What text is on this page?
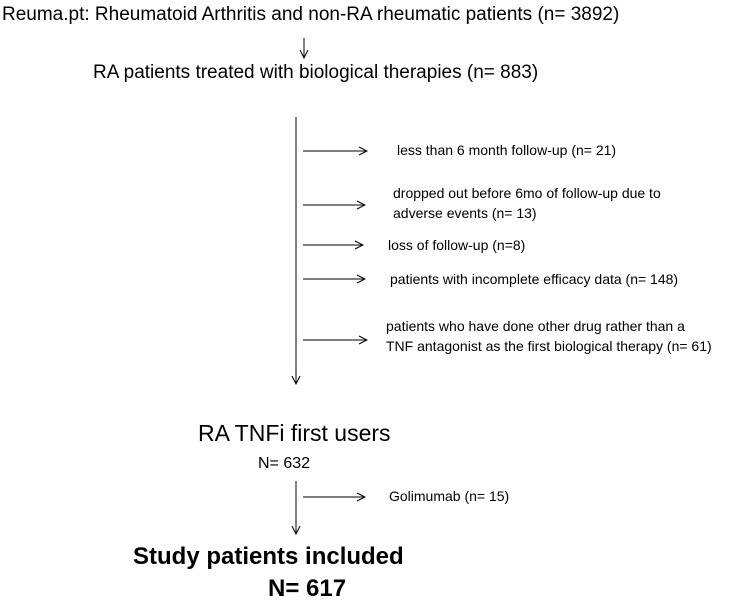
Reuma.pt: Rheumatoid Arthritis and non-RA rheumatic patients (n= 3892)
RA patients treated with biological therapies (n= 883)
less than 6 month follow-up (n= 21)
dropped out before 6mo of follow-up due to
adverse events (n= 13)
loss of follow-up (n=8)
patients with incomplete efficacy data (n= 148)
patients who have done other drug rather than a
TNF antagonist as the first biological therapy (n= 61)
RA TNFi first users
N= 632
Golimumab (n= 15)
Study patients included
N= 617
